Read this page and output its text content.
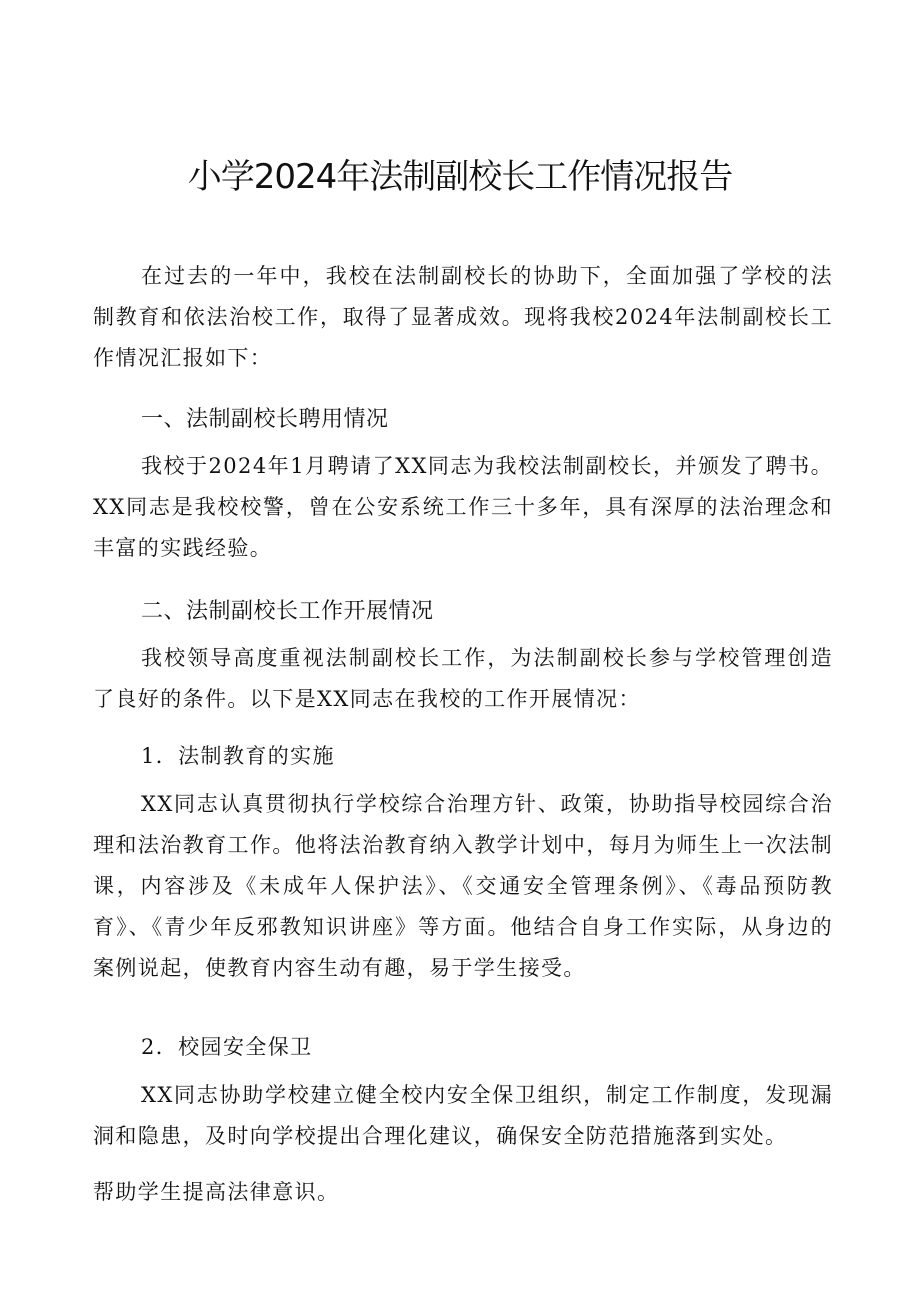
小学2024年法制副校长工作情况报告

在过去的一年中，我校在法制副校长的协助下，全面加强了学校的法制教育和依法治校工作，取得了显著成效。现将我校2024年法制副校长工作情况汇报如下：

一、法制副校长聘用情况

我校于2024年1月聘请了XX同志为我校法制副校长，并颁发了聘书。XX同志是我校校警，曾在公安系统工作三十多年，具有深厚的法治理念和丰富的实践经验。

二、法制副校长工作开展情况

我校领导高度重视法制副校长工作，为法制副校长参与学校管理创造了良好的条件。以下是XX同志在我校的工作开展情况：

1．法制教育的实施

XX同志认真贯彻执行学校综合治理方针、政策，协助指导校园综合治理和法治教育工作。他将法治教育纳入教学计划中，每月为师生上一次法制课，内容涉及《未成年人保护法》、《交通安全管理条例》、《毒品预防教育》、《青少年反邪教知识讲座》等方面。他结合自身工作实际，从身边的案例说起，使教育内容生动有趣，易于学生接受。

2．校园安全保卫

XX同志协助学校建立健全校内安全保卫组织，制定工作制度，发现漏洞和隐患，及时向学校提出合理化建议，确保安全防范措施落到实处。

帮助学生提高法律意识。
